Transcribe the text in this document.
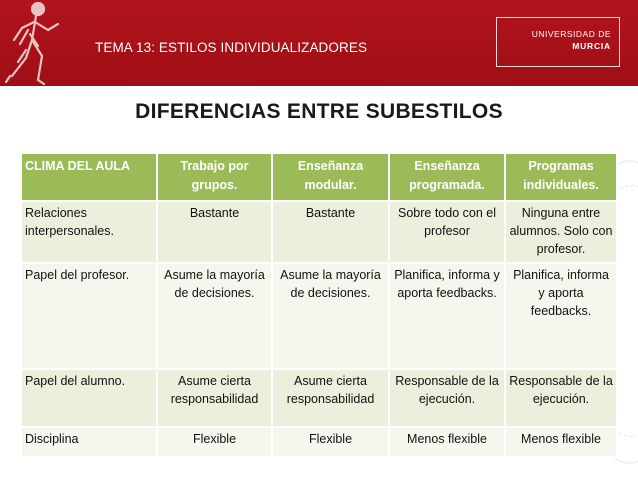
TEMA 13: ESTILOS INDIVIDUALIZADORES
UNIVERSIDAD DE
MURCIA
DIFERENCIAS ENTRE SUBESTILOS
CLIMA DEL AULA	Trabajo por grupos.	Enseñanza modular.	Enseñanza programada.	Programas individuales.
Relaciones interpersonales.	Bastante	Bastante	Sobre todo con el profesor	Ninguna entre alumnos. Solo con profesor.
Papel del profesor.	Asume la mayoría de decisiones.	Asume la mayoría de decisiones.	Planifica, informa y aporta feedbacks.	Planifica, informa y aporta feedbacks.
Papel del alumno.	Asume cierta responsabilidad	Asume cierta responsabilidad	Responsable de la ejecución.	Responsable de la ejecución.
Disciplina	Flexible	Flexible	Menos flexible	Menos flexible
